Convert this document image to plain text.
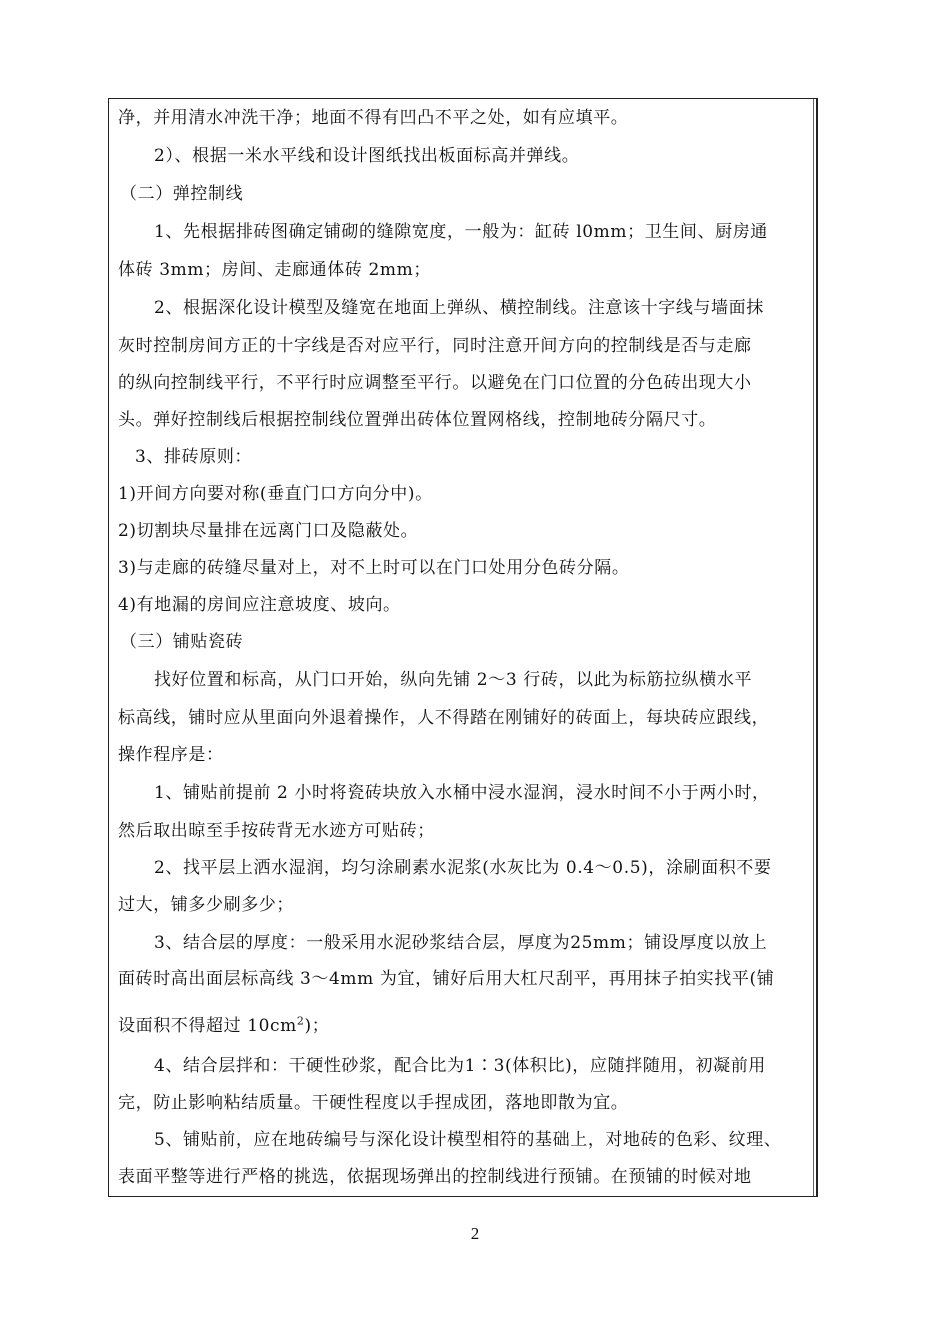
净，并用清水冲洗干净；地面不得有凹凸不平之处，如有应填平。
2）、根据一米水平线和设计图纸找出板面标高并弹线。
（二）弹控制线
1、先根据排砖图确定铺砌的缝隙宽度，一般为：缸砖 l0mm；卫生间、厨房通
体砖 3mm；房间、走廊通体砖 2mm；
2、根据深化设计模型及缝宽在地面上弹纵、横控制线。注意该十字线与墙面抹
灰时控制房间方正的十字线是否对应平行，同时注意开间方向的控制线是否与走廊
的纵向控制线平行，不平行时应调整至平行。以避免在门口位置的分色砖出现大小
头。弹好控制线后根据控制线位置弹出砖体位置网格线，控制地砖分隔尺寸。
3、排砖原则：
1)开间方向要对称(垂直门口方向分中)。
2)切割块尽量排在远离门口及隐蔽处。
3)与走廊的砖缝尽量对上，对不上时可以在门口处用分色砖分隔。
4)有地漏的房间应注意坡度、坡向。
（三）铺贴瓷砖
找好位置和标高，从门口开始，纵向先铺 2～3 行砖，以此为标筋拉纵横水平
标高线，铺时应从里面向外退着操作，人不得踏在刚铺好的砖面上，每块砖应跟线，
操作程序是：
1、铺贴前提前 2 小时将瓷砖块放入水桶中浸水湿润，浸水时间不小于两小时，
然后取出晾至手按砖背无水迹方可贴砖；
2、找平层上洒水湿润，均匀涂刷素水泥浆(水灰比为 0.4～0.5)，涂刷面积不要
过大，铺多少刷多少；
3、结合层的厚度：一般采用水泥砂浆结合层，厚度为25mm；铺设厚度以放上
面砖时高出面层标高线 3～4mm 为宜，铺好后用大杠尺刮平，再用抹子拍实找平(铺
设面积不得超过 $10cm^2$)；
4、结合层拌和：干硬性砂浆，配合比为1∶3(体积比)，应随拌随用，初凝前用
完，防止影响粘结质量。干硬性程度以手捏成团，落地即散为宜。
5、铺贴前，应在地砖编号与深化设计模型相符的基础上，对地砖的色彩、纹理、
表面平整等进行严格的挑选，依据现场弹出的控制线进行预铺。在预铺的时候对地
2
